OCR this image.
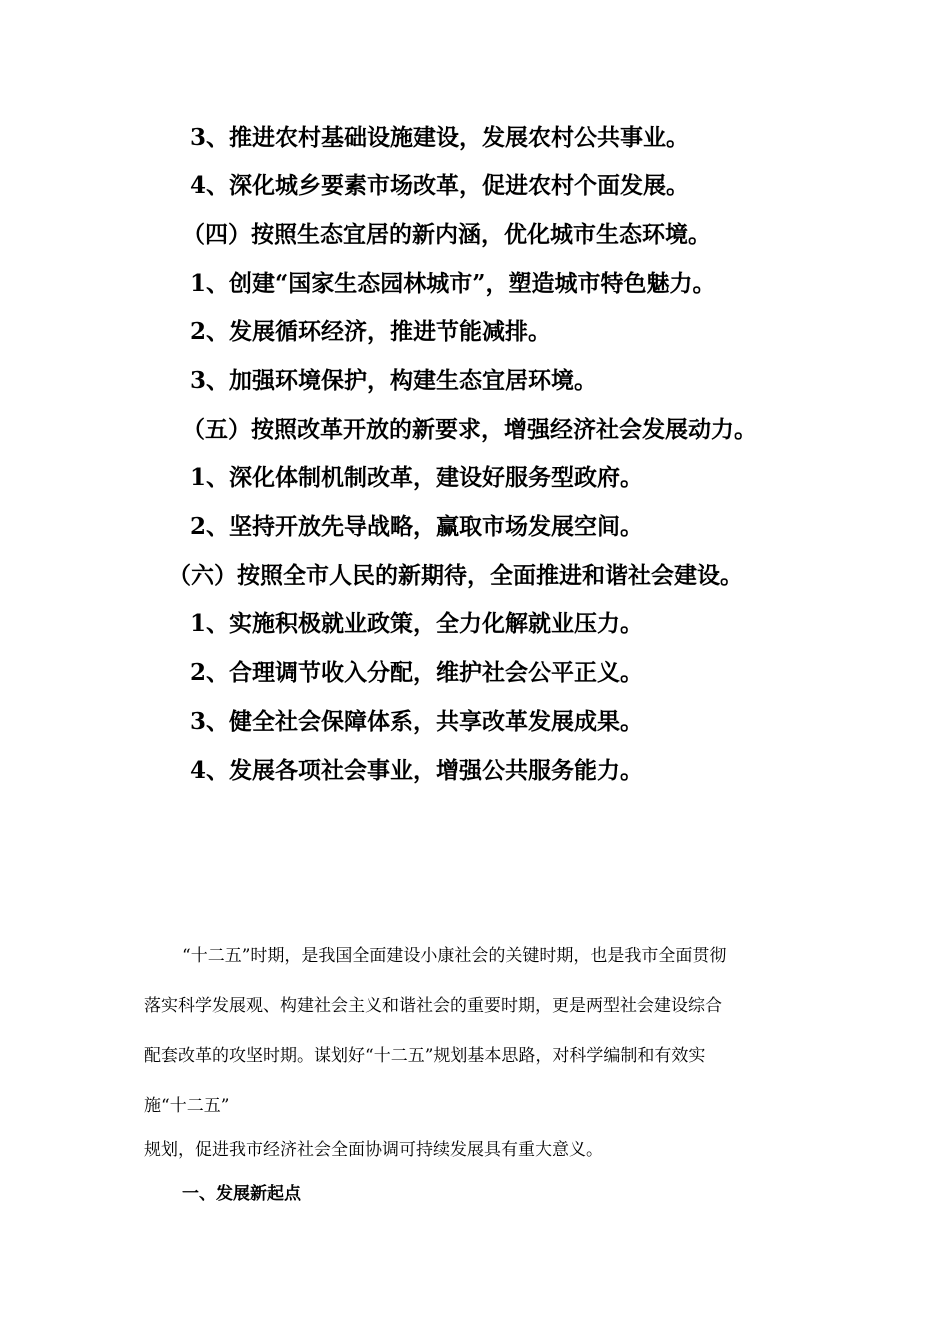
3、推进农村基础设施建设，发展农村公共事业。
4、深化城乡要素市场改革，促进农村个面发展。
（四）按照生态宜居的新内涵，优化城市生态环境。
1、创建“国家生态园林城市”，塑造城市特色魅力。
2、发展循环经济，推进节能减排。
3、加强环境保护，构建生态宜居环境。
（五）按照改革开放的新要求，增强经济社会发展动力。
1、深化体制机制改革，建设好服务型政府。
2、坚持开放先导战略，赢取市场发展空间。
（六）按照全市人民的新期待，全面推进和谐社会建设。
1、实施积极就业政策，全力化解就业压力。
2、合理调节收入分配，维护社会公平正义。
3、健全社会保障体系，共享改革发展成果。
4、发展各项社会事业，增强公共服务能力。
“十二五”时期，是我国全面建设小康社会的关键时期，也是我市全面贯彻
落实科学发展观、构建社会主义和谐社会的重要时期，更是两型社会建设综合
配套改革的攻坚时期。谋划好“十二五”规划基本思路，对科学编制和有效实
施“十二五”
规划，促进我市经济社会全面协调可持续发展具有重大意义。
一、发展新起点
